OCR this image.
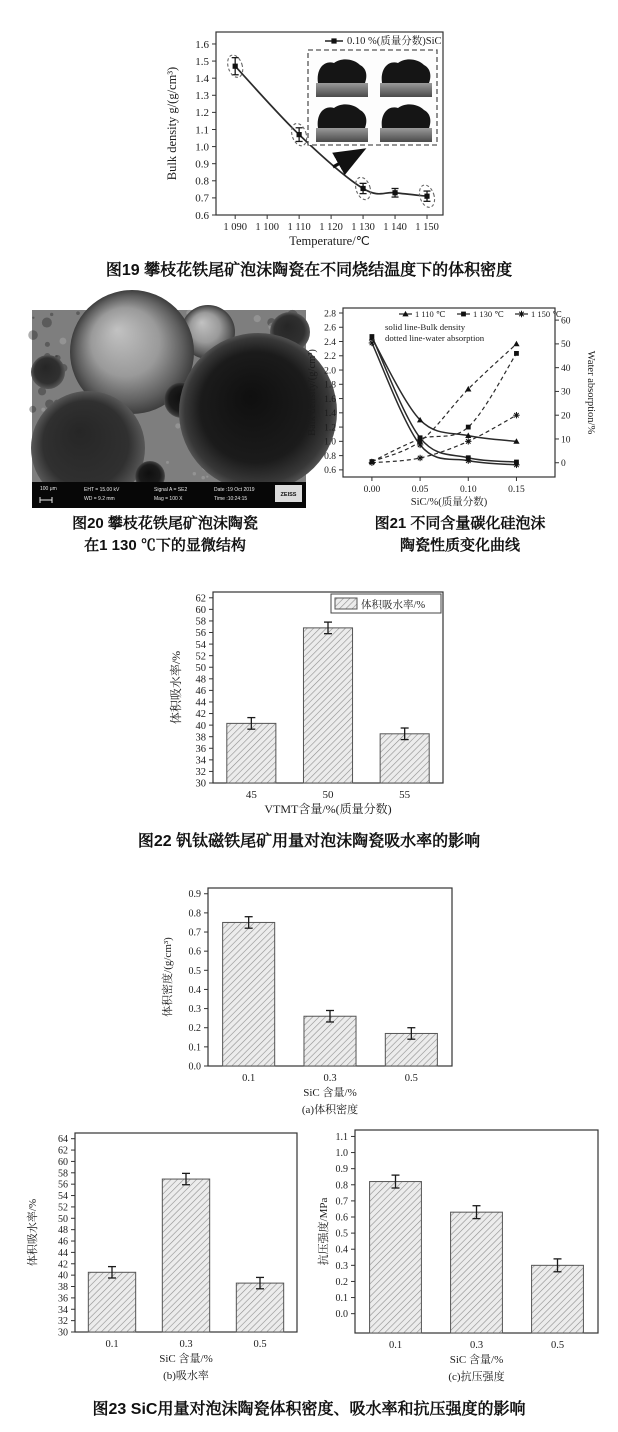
0.6
0.7
0.8
0.9
1.0
1.1
1.2
1.3
1.4
1.5
1.6
1 090 1 100 1 110 1 120 1 130 1 140 1 150
Bulk density g/(g/cm³)
Temperature/℃
0.10 %(质量分数)SiC
图19 攀枝花铁尾矿泡沫陶瓷在不同烧结温度下的体积密度
100 μm	EHT = 15.00 kV
WD = 9.2 mm
Signal A = SE2
Mag = 100 X
Date :19 Oct 2019
Time :10:24:15
ZEISS
图20 攀枝花铁尾矿泡沫陶瓷
在1 130 ℃下的显微结构
0.6
0.8
1.0
1.2
1.4
1.6
1.8
2.0
2.2
2.4
2.6
2.8
0.00	0.05	0.10	0.15
Balk density/(g/cm³)	Water absorption/%
SiC/%(质量分数)
0
10
20
30
40
50
60
1 110 ℃	1 130 ℃	1 150 ℃
solid line-Bulk density
dotted line-water absorption
图21 不同含量碳化硅泡沫
陶瓷性质变化曲线
30
32
34
36
38
40
42
44
46
48
50
52
54
56
58
60
62
体积吸水率/%
45	50	55
VTMT含量/%(质量分数)
体积吸水率/%
图22 钒钛磁铁尾矿用量对泡沫陶瓷吸水率的影响
0.0
0.1
0.2
0.3
0.4
0.5
0.6
0.7
0.8
0.9
体积密度/(g/cm³)
0.1	0.3	0.5
SiC 含量/%
(a)体积密度
30
32
34
36
38
40
42
44
46
48
50
52
54
56
58
60
62
64
体积吸水率/%
0.1	0.3	0.5
SiC 含量/%
(b)吸水率
0.0
0.1
0.2
0.3
0.4
0.5
0.6
0.7
0.8
0.9
1.0
1.1
抗压强度/MPa
0.1	0.3	0.5
SiC 含量/%
(c)抗压强度
图23 SiC用量对泡沫陶瓷体积密度、吸水率和抗压强度的影响
